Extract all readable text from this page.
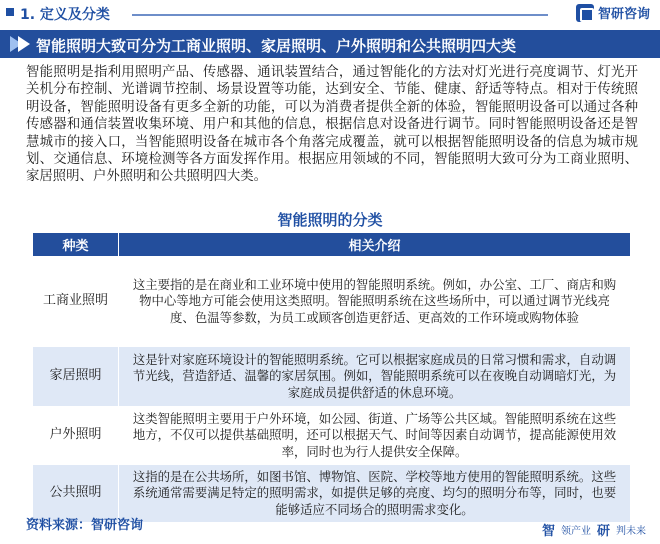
1. 定义及分类	智研咨询
智能照明大致可分为工商业照明、家居照明、户外照明和公共照明四大类

智能照明是指利用照明产品、传感器、通讯装置结合，通过智能化的方法对灯光进行亮度调节、灯光开关机分布控制、光谱调节控制、场景设置等功能，达到安全、节能、健康、舒适等特点。相对于传统照明设备，智能照明设备有更多全新的功能，可以为消费者提供全新的体验，智能照明设备可以通过各种传感器和通信装置收集环境、用户和其他的信息，根据信息对设备进行调节。同时智能照明设备还是智慧城市的接入口，当智能照明设备在城市各个角落完成覆盖，就可以根据智能照明设备的信息为城市规划、交通信息、环境检测等各方面发挥作用。根据应用领域的不同，智能照明大致可分为工商业照明、家居照明、户外照明和公共照明四大类。

智能照明的分类
种类	相关介绍
工商业照明	这主要指的是在商业和工业环境中使用的智能照明系统。例如，办公室、工厂、商店和购物中心等地方可能会使用这类照明。智能照明系统在这些场所中，可以通过调节光线亮度、色温等参数，为员工或顾客创造更舒适、更高效的工作环境或购物体验
家居照明	这是针对家庭环境设计的智能照明系统。它可以根据家庭成员的日常习惯和需求，自动调节光线，营造舒适、温馨的家居氛围。例如，智能照明系统可以在夜晚自动调暗灯光，为家庭成员提供舒适的休息环境。
户外照明	这类智能照明主要用于户外环境，如公园、街道、广场等公共区域。智能照明系统在这些地方，不仅可以提供基础照明，还可以根据天气、时间等因素自动调节，提高能源使用效率，同时也为行人提供安全保障。
公共照明	这指的是在公共场所，如图书馆、博物馆、医院、学校等地方使用的智能照明系统。这些系统通常需要满足特定的照明需求，如提供足够的亮度、均匀的照明分布等，同时，也要能够适应不同场合的照明需求变化。
资料来源：智研咨询	智 领产业 研 判未来
